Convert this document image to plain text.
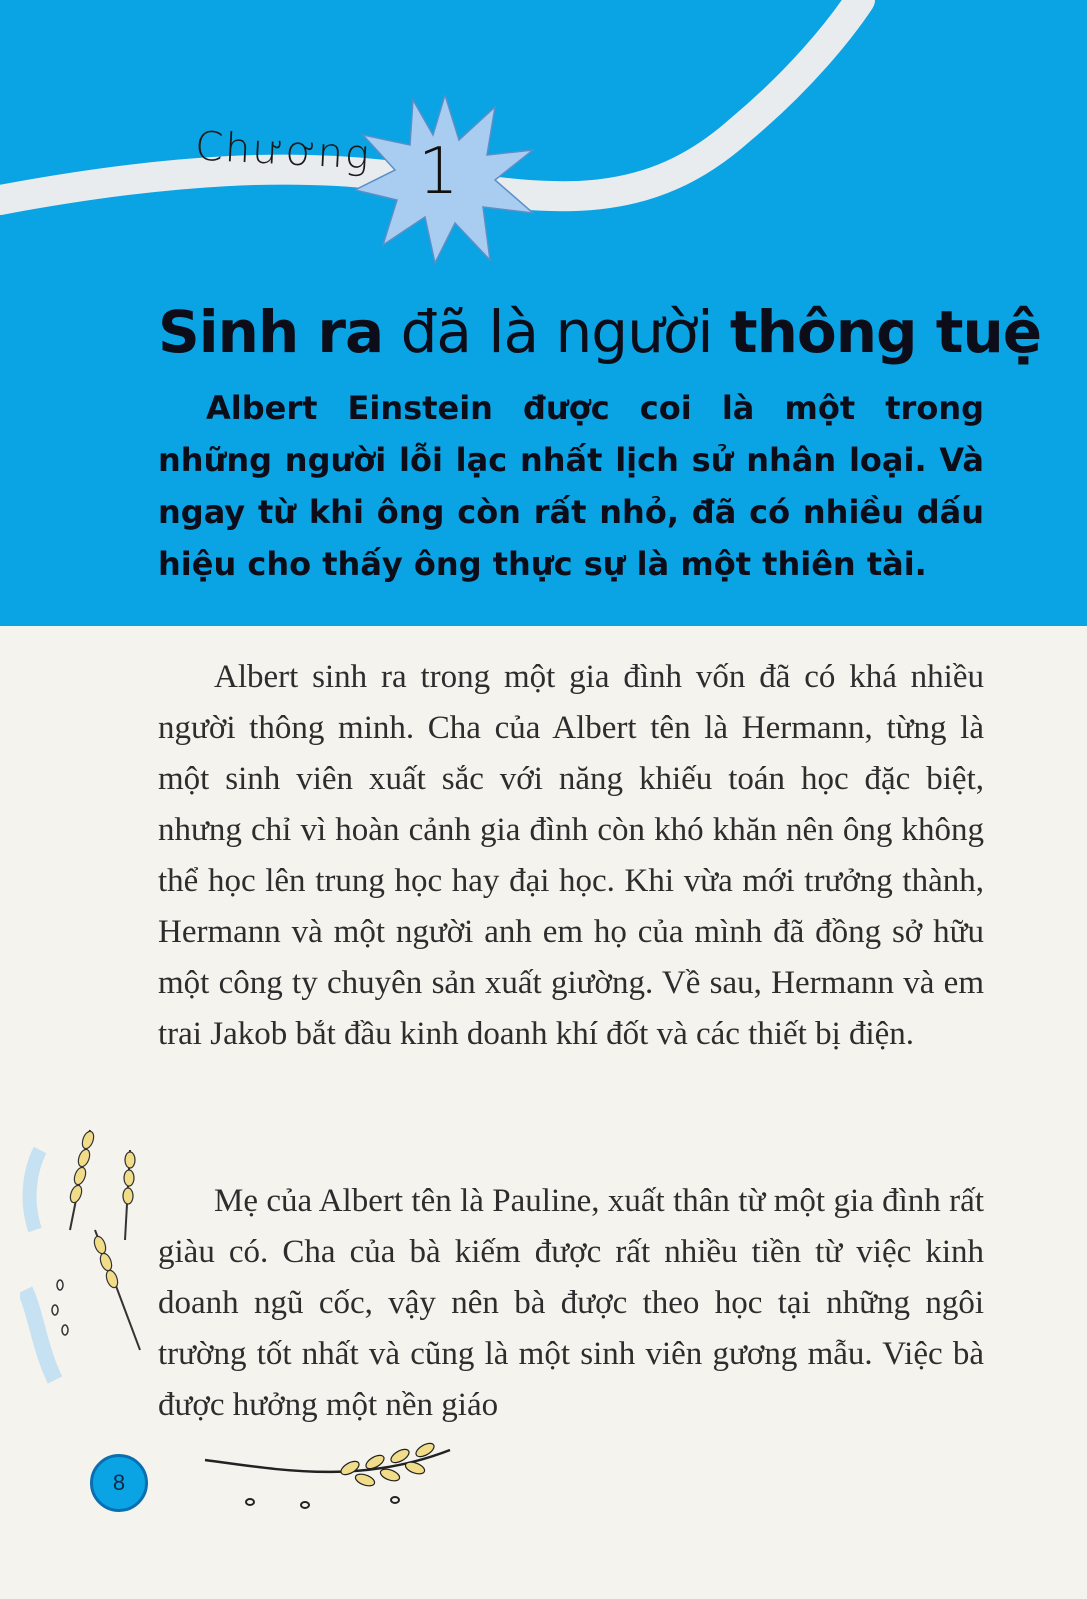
Chương 1
Sinh ra đã là người thông tuệ

Albert Einstein được coi là một trong những người lỗi lạc nhất lịch sử nhân loại. Và ngay từ khi ông còn rất nhỏ, đã có nhiều dấu hiệu cho thấy ông thực sự là một thiên tài.

Albert sinh ra trong một gia đình vốn đã có khá nhiều người thông minh. Cha của Albert tên là Hermann, từng là một sinh viên xuất sắc với năng khiếu toán học đặc biệt, nhưng chỉ vì hoàn cảnh gia đình còn khó khăn nên ông không thể học lên trung học hay đại học. Khi vừa mới trưởng thành, Hermann và một người anh em họ của mình đã đồng sở hữu một công ty chuyên sản xuất giường. Về sau, Hermann và em trai Jakob bắt đầu kinh doanh khí đốt và các thiết bị điện.

Mẹ của Albert tên là Pauline, xuất thân từ một gia đình rất giàu có. Cha của bà kiếm được rất nhiều tiền từ việc kinh doanh ngũ cốc, vậy nên bà được theo học tại những ngôi trường tốt nhất và cũng là một sinh viên gương mẫu. Việc bà được hưởng một nền giáo

8
